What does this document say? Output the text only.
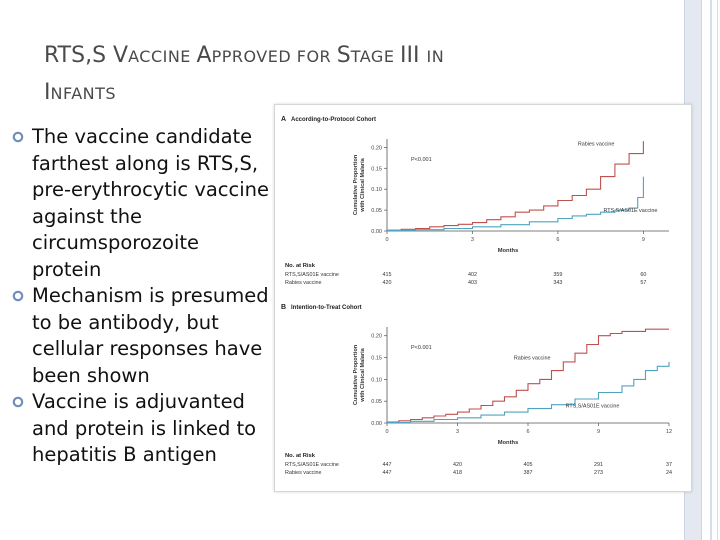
RTS,S VACCINE APPROVED FOR STAGE III IN
INFANTS
The vaccine candidate farthest along is RTS,S, pre-erythrocytic vaccine against the circumsporozoite protein
Mechanism is presumed to be antibody, but cellular responses have been shown
Vaccine is adjuvanted and protein is linked to hepatitis B antigen
A According-to-Protocol Cohort
Cumulative Proportion with Clinical Malaria
0.00
0.05
0.10
0.15
0.20
0	3	6	9
Months
P<0.001
Rabies vaccine
RTS,S/AS01E vaccine
No. at Risk
RTS,S/AS01E vaccine	415	402	359	60
Rabies vaccine	420	403	343	57
B Intention-to-Treat Cohort
Cumulative Proportion with Clinical Malaria
0.00
0.05
0.10
0.15
0.20
0	3	6	9	12
Months
P<0.001
Rabies vaccine
RTS,S/AS01E vaccine
No. at Risk
RTS,S/AS01E vaccine	447	420	405	291	37
Rabies vaccine	447	418	387	273	24
